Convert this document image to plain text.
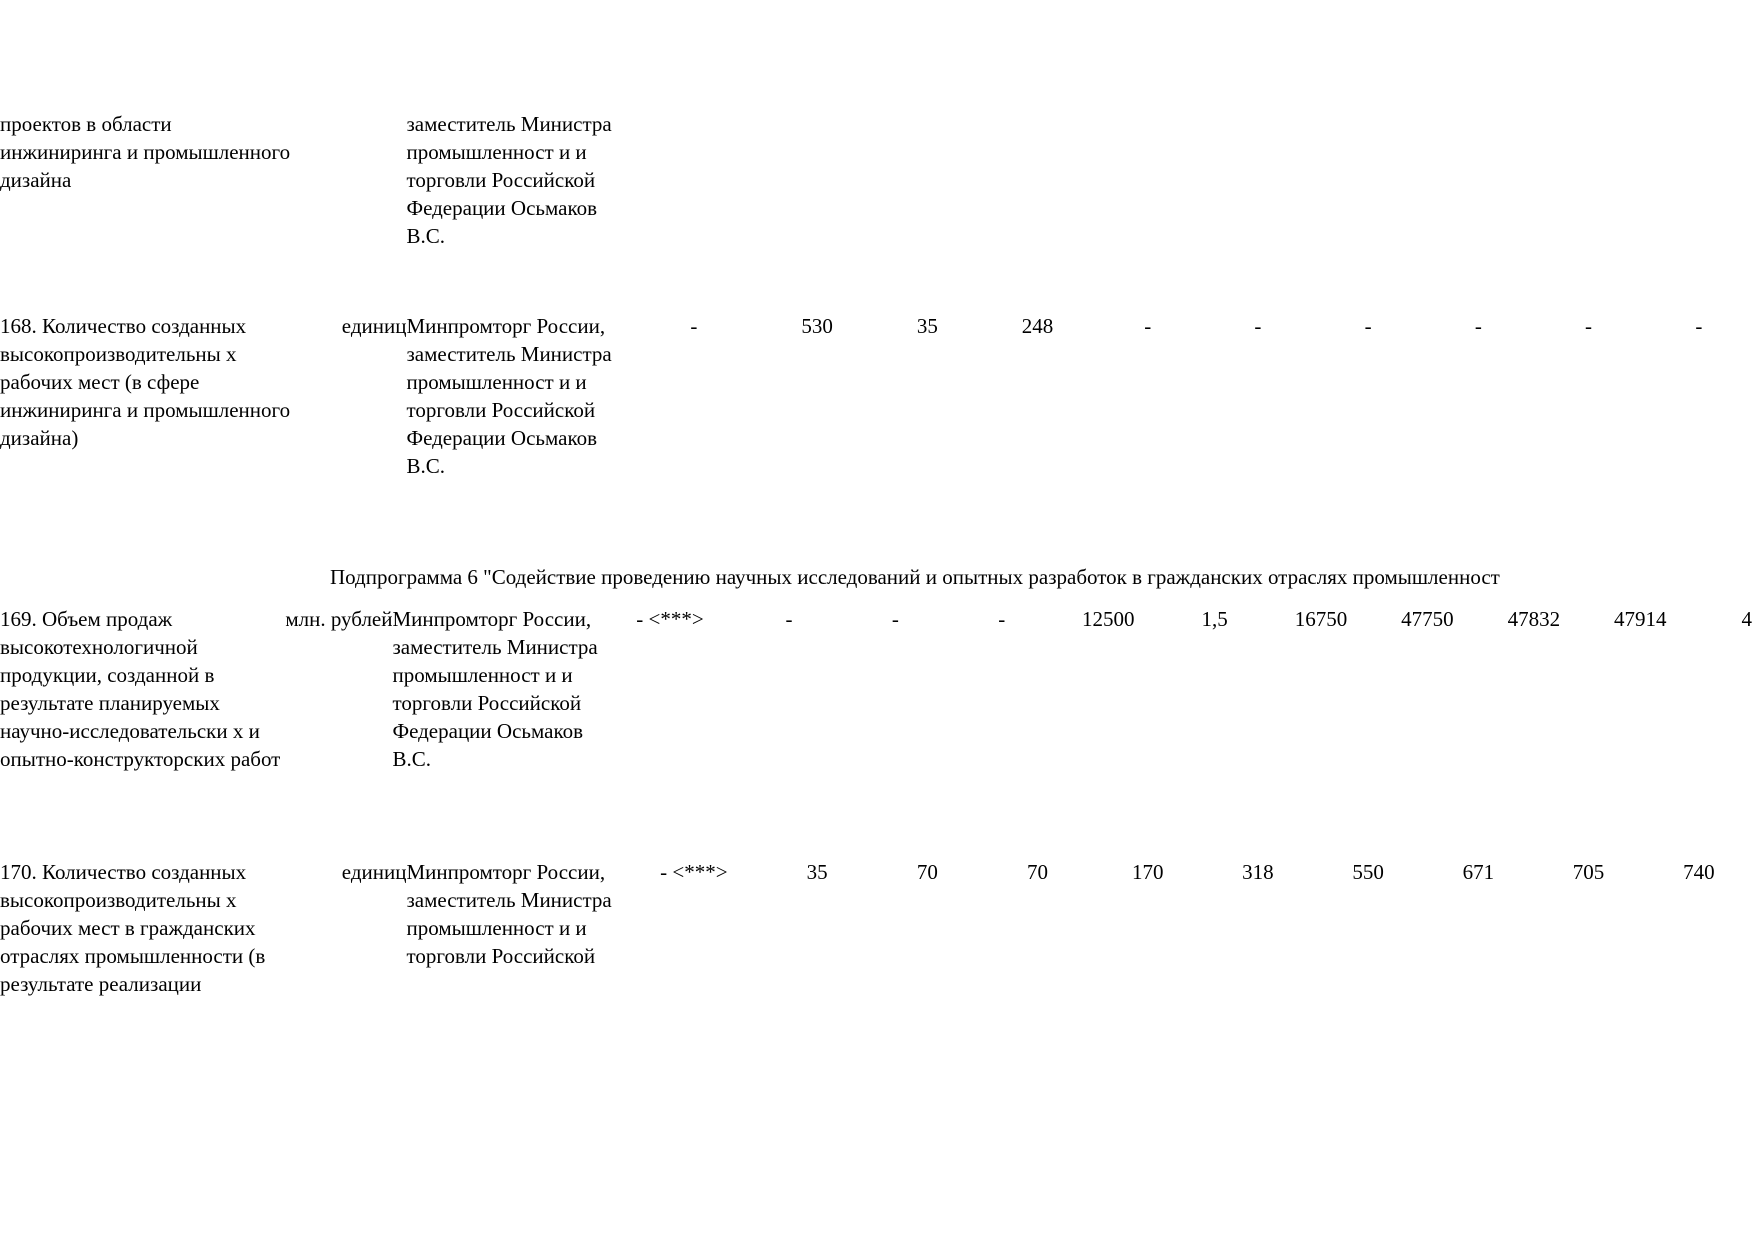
проектов в области инжиниринга и промышленного дизайна		заместитель Министра промышленност и и торговли Российской Федерации Осьмаков В.С.										
168. Количество созданных высокопроизводительны х рабочих мест (в сфере инжиниринга и промышленного дизайна)	единиц	Минпромторг России, заместитель Министра промышленност и и торговли Российской Федерации Осьмаков В.С.	-	530	35	248	-	-	-	-	-	-
Подпрограмма 6 "Содействие проведению научных исследований и опытных разработок в гражданских отраслях промышленност
169. Объем продаж высокотехнологичной продукции, созданной в результате планируемых научно-исследовательски х и опытно-конструкторских работ	млн. рублей	Минпромторг России, заместитель Министра промышленност и и торговли Российской Федерации Осьмаков В.С.	- <***>	-	-	-	12500	1,5	16750	47750	47832	47914	4
170. Количество созданных высокопроизводительны х рабочих мест в гражданских отраслях промышленности (в результате реализации	единиц	Минпромторг России, заместитель Министра промышленност и и торговли Российской	- <***>	35	70	70	170	318	550	671	705	740
